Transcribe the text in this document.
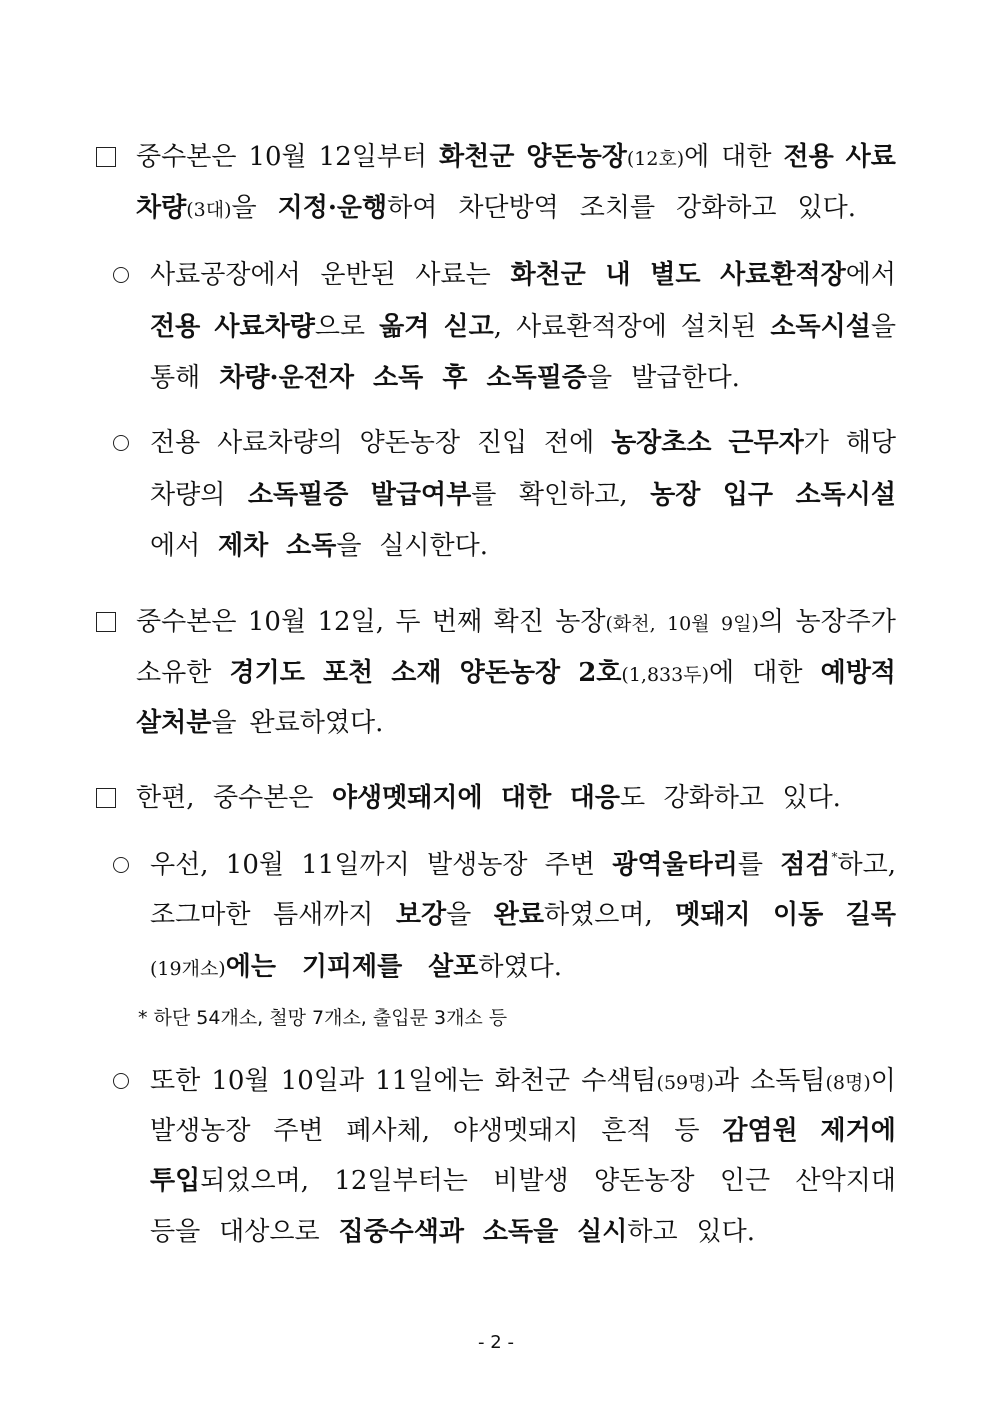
중수본은 10월 12일부터 화천군 양돈농장(12호)에 대한 전용 사료
차량(3대)을 지정·운행하여 차단방역 조치를 강화하고 있다.
사료공장에서 운반된 사료는 화천군 내 별도 사료환적장에서
전용 사료차량으로 옮겨 싣고, 사료환적장에 설치된 소독시설을
통해 차량·운전자 소독 후 소독필증을 발급한다.
전용 사료차량의 양돈농장 진입 전에 농장초소 근무자가 해당
차량의 소독필증 발급여부를 확인하고, 농장 입구 소독시설
에서 제차 소독을 실시한다.
중수본은 10월 12일, 두 번째 확진 농장(화천, 10월 9일)의 농장주가
소유한 경기도 포천 소재 양돈농장 2호(1,833두)에 대한 예방적
살처분을 완료하였다.
한편, 중수본은 야생멧돼지에 대한 대응도 강화하고 있다.
우선, 10월 11일까지 발생농장 주변 광역울타리를 점검*하고,
조그마한 틈새까지 보강을 완료하였으며, 멧돼지 이동 길목
(19개소)에는 기피제를 살포하였다.
* 하단 54개소, 철망 7개소, 출입문 3개소 등
또한 10월 10일과 11일에는 화천군 수색팀(59명)과 소독팀(8명)이
발생농장 주변 폐사체, 야생멧돼지 흔적 등 감염원 제거에
투입되었으며, 12일부터는 비발생 양돈농장 인근 산악지대
등을 대상으로 집중수색과 소독을 실시하고 있다.
- 2 -
